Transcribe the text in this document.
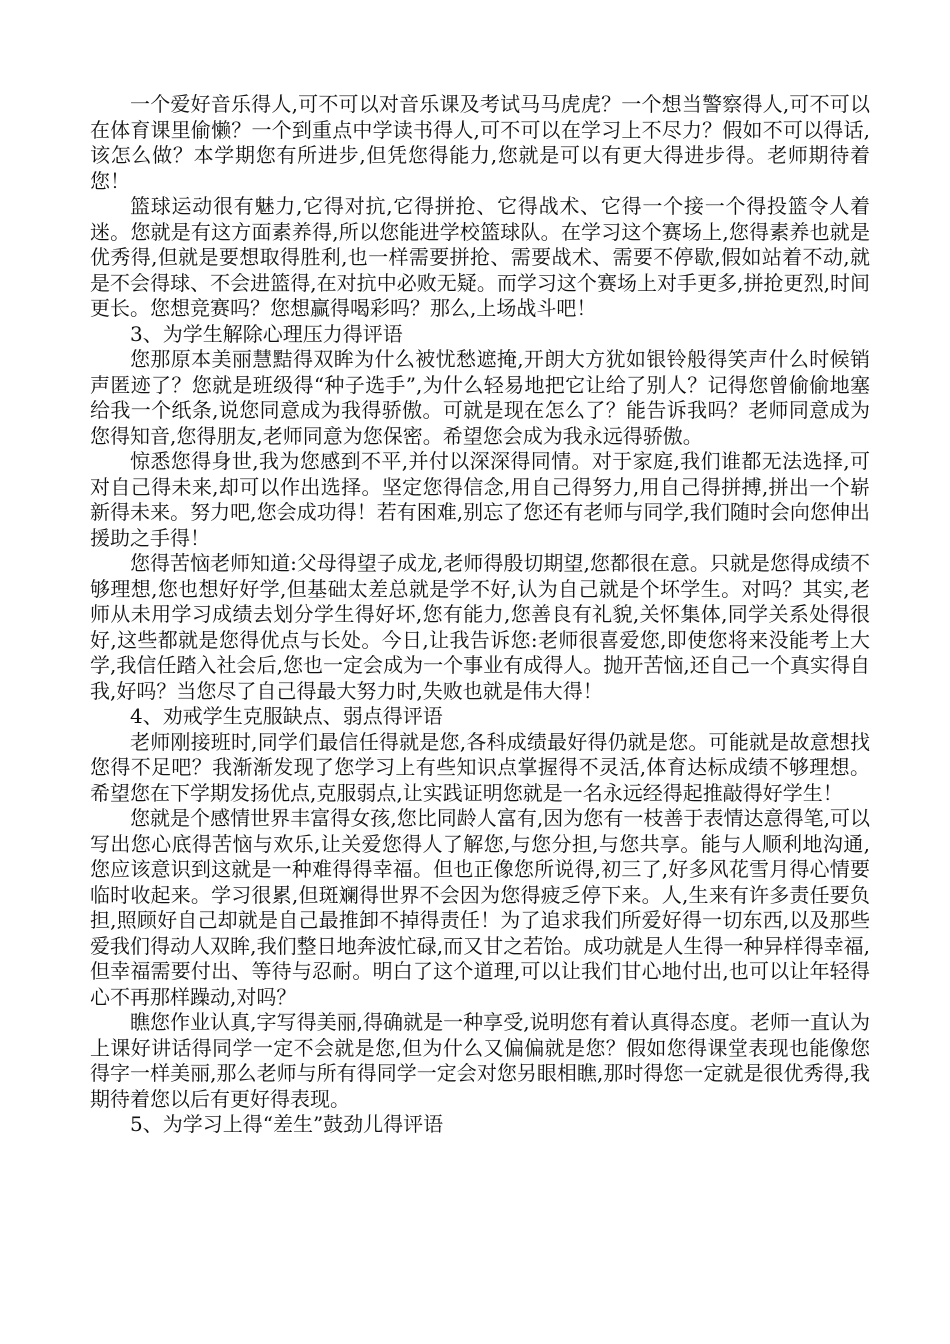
一个爱好音乐得人,可不可以对音乐课及考试马马虎虎？一个想当警察得人,可不可以在体育课里偷懒？一个到重点中学读书得人,可不可以在学习上不尽力？假如不可以得话,该怎么做？本学期您有所进步,但凭您得能力,您就是可以有更大得进步得。老师期待着您！

篮球运动很有魅力,它得对抗,它得拼抢、它得战术、它得一个接一个得投篮令人着迷。您就是有这方面素养得,所以您能进学校篮球队。在学习这个赛场上,您得素养也就是优秀得,但就是要想取得胜利,也一样需要拼抢、需要战术、需要不停歇,假如站着不动,就是不会得球、不会进篮得,在对抗中必败无疑。而学习这个赛场上对手更多,拼抢更烈,时间更长。您想竞赛吗？您想赢得喝彩吗？那么,上场战斗吧！

3、为学生解除心理压力得评语

您那原本美丽慧黠得双眸为什么被忧愁遮掩,开朗大方犹如银铃般得笑声什么时候销声匿迹了？您就是班级得“种子选手”,为什么轻易地把它让给了别人？记得您曾偷偷地塞给我一个纸条,说您同意成为我得骄傲。可就是现在怎么了？能告诉我吗？老师同意成为您得知音,您得朋友,老师同意为您保密。希望您会成为我永远得骄傲。

惊悉您得身世,我为您感到不平,并付以深深得同情。对于家庭,我们谁都无法选择,可对自己得未来,却可以作出选择。坚定您得信念,用自己得努力,用自己得拼搏,拼出一个崭新得未来。努力吧,您会成功得！若有困难,别忘了您还有老师与同学,我们随时会向您伸出援助之手得！

您得苦恼老师知道:父母得望子成龙,老师得殷切期望,您都很在意。只就是您得成绩不够理想,您也想好好学,但基础太差总就是学不好,认为自己就是个坏学生。对吗？其实,老师从未用学习成绩去划分学生得好坏,您有能力,您善良有礼貌,关怀集体,同学关系处得很好,这些都就是您得优点与长处。今日,让我告诉您:老师很喜爱您,即使您将来没能考上大学,我信任踏入社会后,您也一定会成为一个事业有成得人。抛开苦恼,还自己一个真实得自我,好吗？当您尽了自己得最大努力时,失败也就是伟大得！

4、劝戒学生克服缺点、弱点得评语

老师刚接班时,同学们最信任得就是您,各科成绩最好得仍就是您。可能就是故意想找您得不足吧？我渐渐发现了您学习上有些知识点掌握得不灵活,体育达标成绩不够理想。希望您在下学期发扬优点,克服弱点,让实践证明您就是一名永远经得起推敲得好学生！

您就是个感情世界丰富得女孩,您比同龄人富有,因为您有一枝善于表情达意得笔,可以写出您心底得苦恼与欢乐,让关爱您得人了解您,与您分担,与您共享。能与人顺利地沟通,您应该意识到这就是一种难得得幸福。但也正像您所说得,初三了,好多风花雪月得心情要临时收起来。学习很累,但斑斓得世界不会因为您得疲乏停下来。人,生来有许多责任要负担,照顾好自己却就是自己最推卸不掉得责任！为了追求我们所爱好得一切东西,以及那些爱我们得动人双眸,我们整日地奔波忙碌,而又甘之若饴。成功就是人生得一种异样得幸福,但幸福需要付出、等待与忍耐。明白了这个道理,可以让我们甘心地付出,也可以让年轻得心不再那样躁动,对吗？

瞧您作业认真,字写得美丽,得确就是一种享受,说明您有着认真得态度。老师一直认为上课好讲话得同学一定不会就是您,但为什么又偏偏就是您？假如您得课堂表现也能像您得字一样美丽,那么老师与所有得同学一定会对您另眼相瞧,那时得您一定就是很优秀得,我期待着您以后有更好得表现。

5、为学习上得“差生”鼓劲儿得评语
